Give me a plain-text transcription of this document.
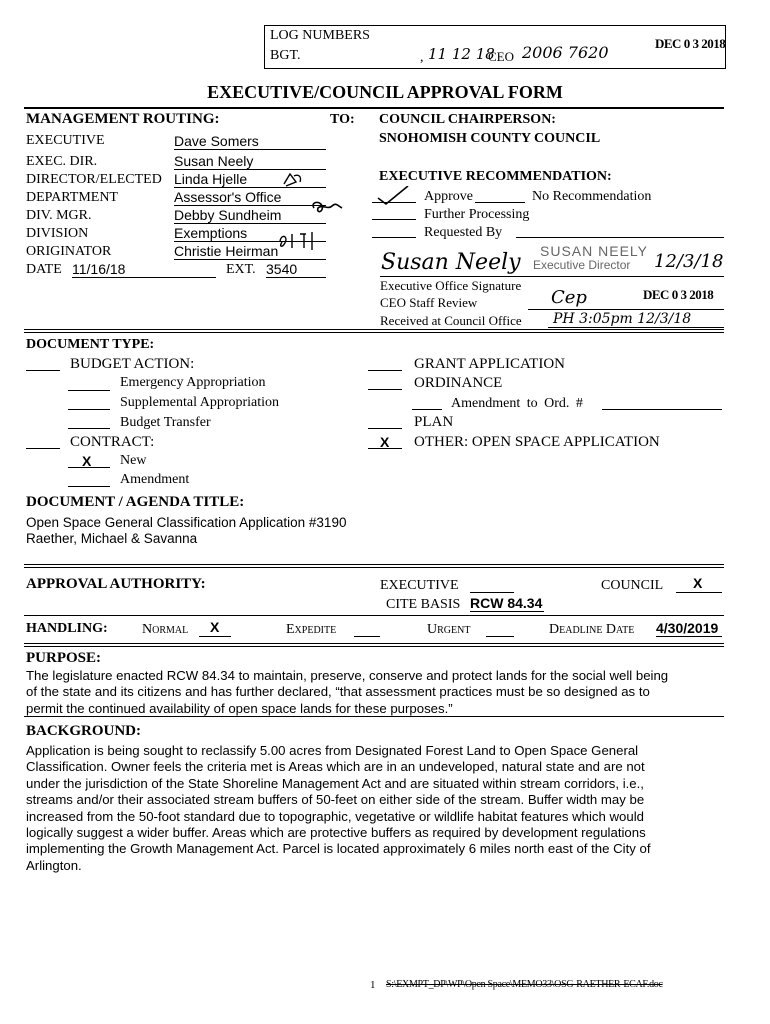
LOG NUMBERS
BGT.	, 11 12 18
CEO 2006 7620	DEC 0 3 2018
EXECUTIVE/COUNCIL APPROVAL FORM
MANAGEMENT ROUTING:	TO:
EXECUTIVE	Dave Somers
EXEC. DIR.	Susan Neely
DIRECTOR/ELECTED Linda Hjelle
DEPARTMENT	Assessor's Office
DIV. MGR.	Debby Sundheim
DIVISION	Exemptions
ORIGINATOR	Christie Heirman
DATE 11/16/18	EXT. 3540
COUNCIL CHAIRPERSON:
SNOHOMISH COUNTY COUNCIL
EXECUTIVE RECOMMENDATION:
Approve	No Recommendation
Further Processing
Requested By
Susan Neely SUSAN NEELY
Executive Director 12/3/18
Executive Office Signature
CEO Staff Review	Cep	DEC 0 3 2018
Received at Council Office PH 3:05pm 12/3/18
DOCUMENT TYPE:
BUDGET ACTION:
Emergency Appropriation
Supplemental Appropriation
Budget Transfer
CONTRACT:
X New
Amendment
GRANT APPLICATION
ORDINANCE
Amendment to Ord. #
PLAN
X OTHER: OPEN SPACE APPLICATION
DOCUMENT / AGENDA TITLE:
Open Space General Classification Application #3190
Raether, Michael & Savanna
APPROVAL AUTHORITY:	EXECUTIVE	COUNCIL X
CITE BASIS RCW 84.34
HANDLING: Normal X	Expedite	Urgent	Deadline Date 4/30/2019
PURPOSE:
The legislature enacted RCW 84.34 to maintain, preserve, conserve and protect lands for the social well being
of the state and its citizens and has further declared, “that assessment practices must be so designed as to
permit the continued availability of open space lands for these purposes.”
BACKGROUND:
Application is being sought to reclassify 5.00 acres from Designated Forest Land to Open Space General
Classification. Owner feels the criteria met is Areas which are in an undeveloped, natural state and are not
under the jurisdiction of the State Shoreline Management Act and are situated within stream corridors, i.e.,
streams and/or their associated stream buffers of 50-feet on either side of the stream. Buffer width may be
increased from the 50-foot standard due to topographic, vegetative or wildlife habitat features which would
logically suggest a wider buffer. Areas which are protective buffers as required by development regulations
implementing the Growth Management Act. Parcel is located approximately 6 miles north east of the City of
Arlington.
1 S:\EXMPT_DP\WP\Open Space\MEMO33\OSG-RAETHER-ECAF.doc
